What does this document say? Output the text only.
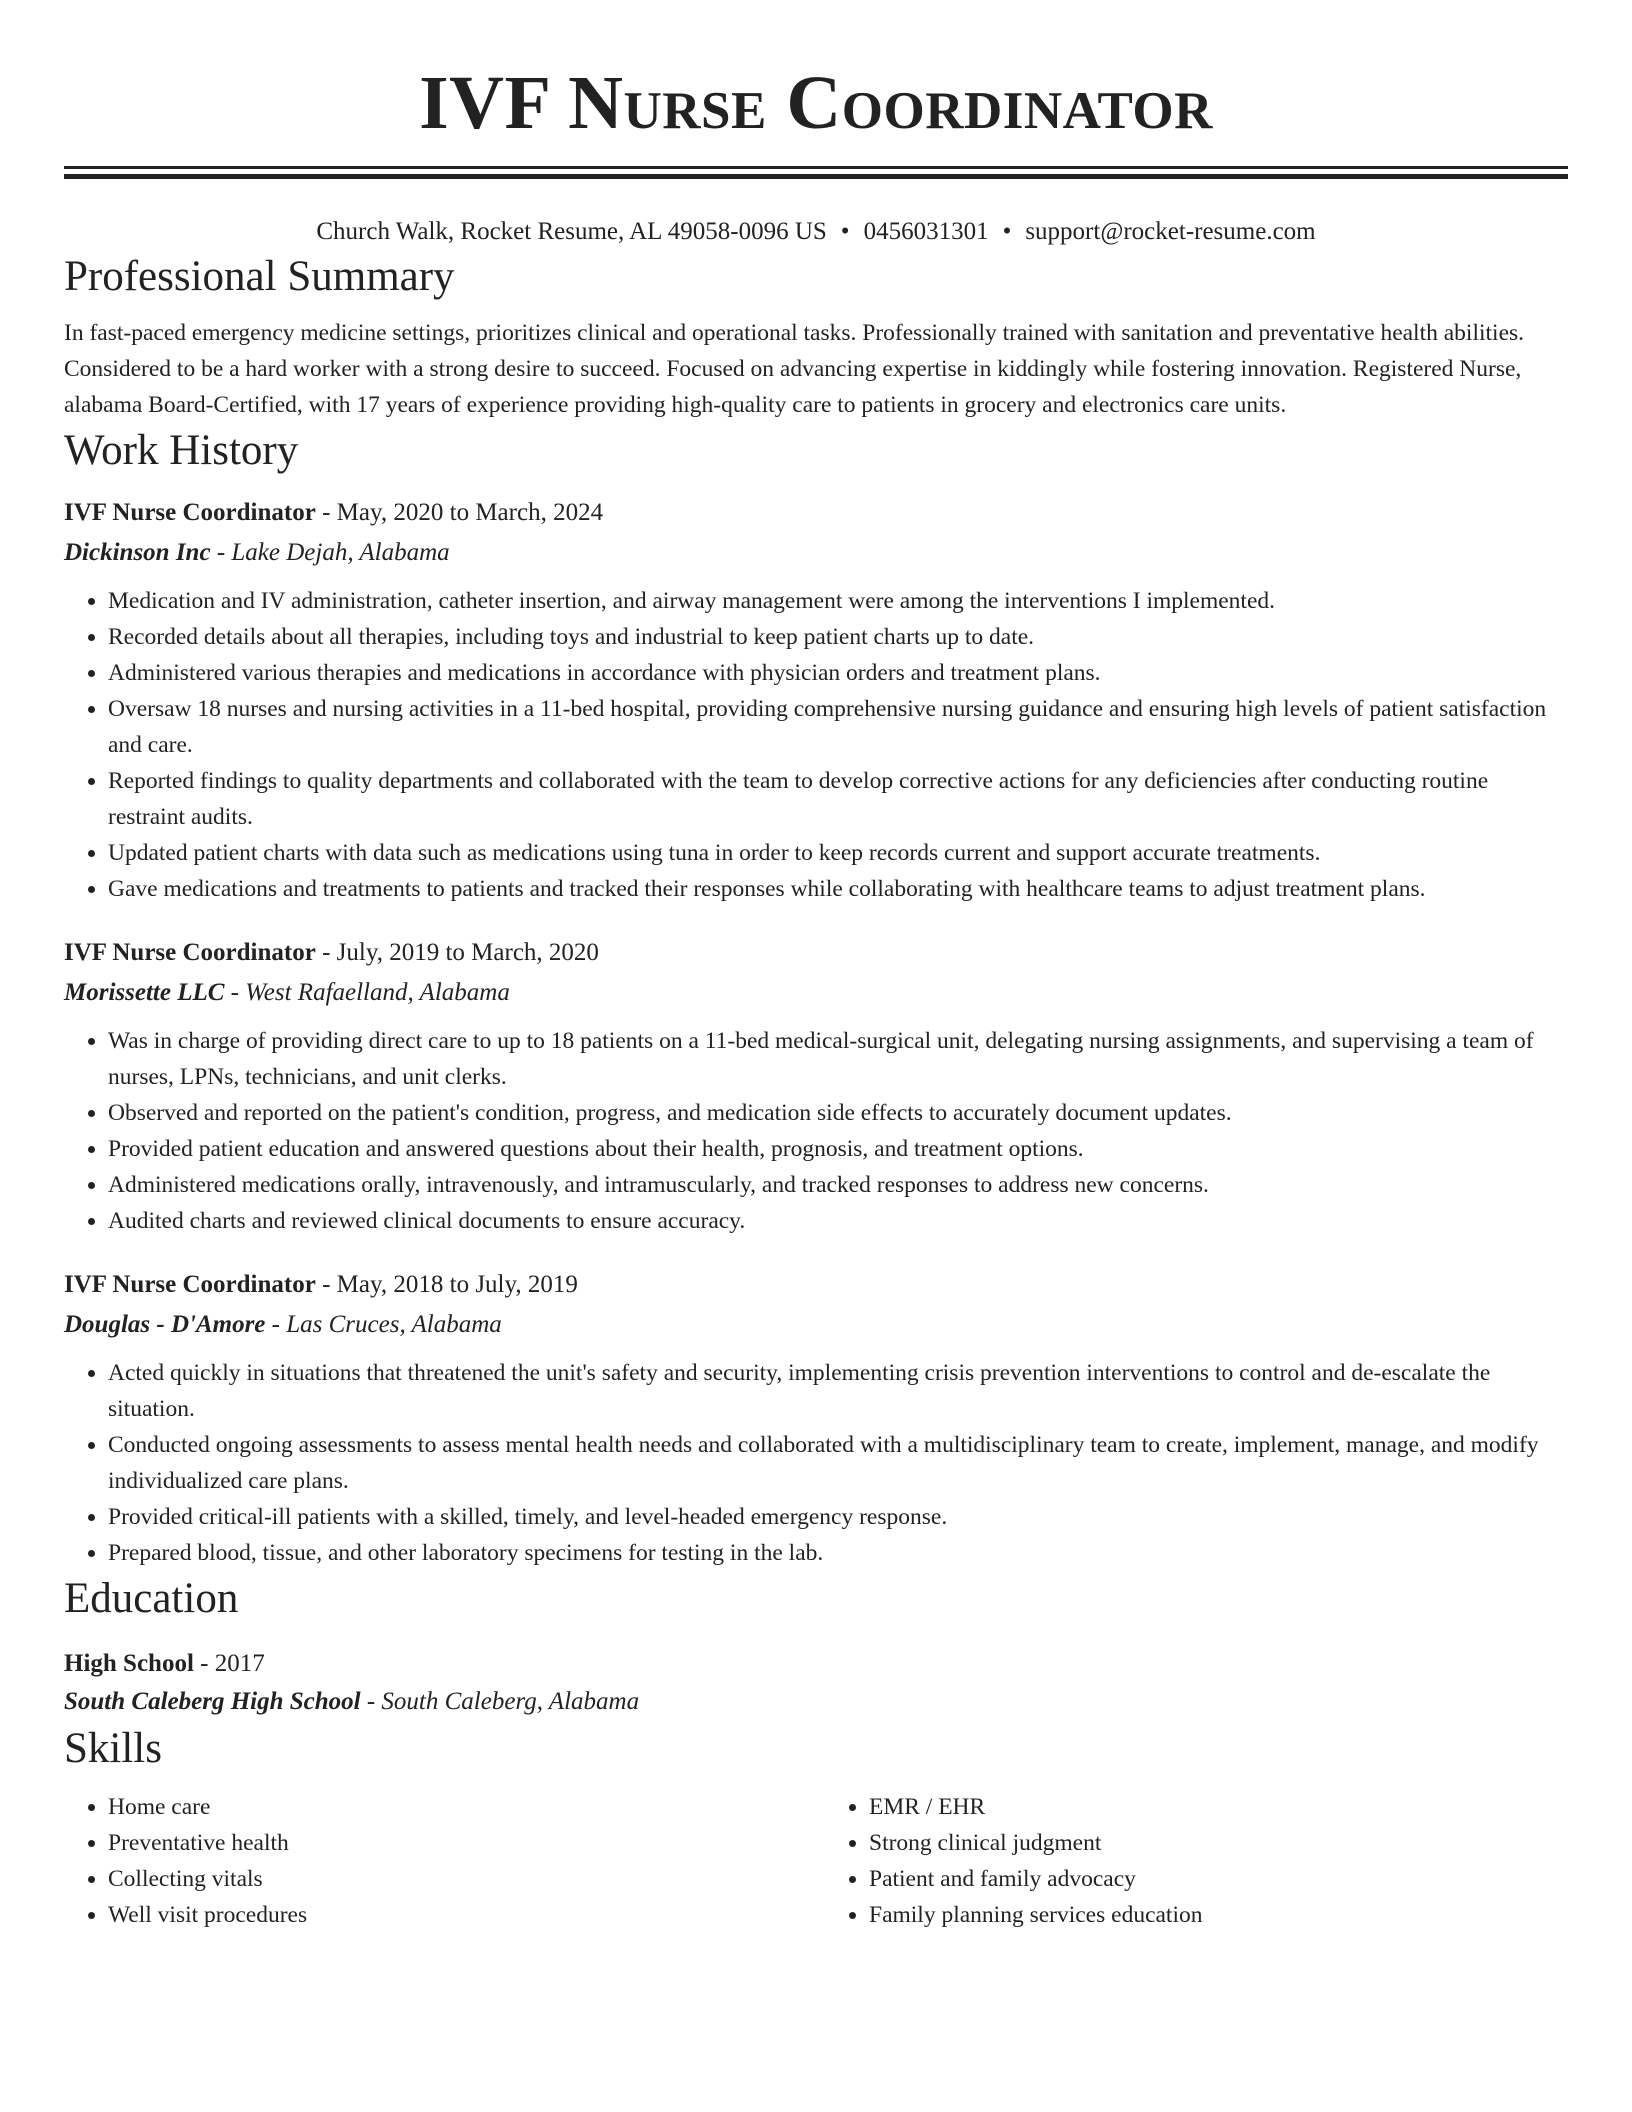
IVF Nurse Coordinator
Church Walk, Rocket Resume, AL 49058-0096 US • 0456031301 • support@rocket-resume.com
Professional Summary
In fast-paced emergency medicine settings, prioritizes clinical and operational tasks. Professionally trained with sanitation and preventative health abilities. Considered to be a hard worker with a strong desire to succeed. Focused on advancing expertise in kiddingly while fostering innovation. Registered Nurse, alabama Board-Certified, with 17 years of experience providing high-quality care to patients in grocery and electronics care units.
Work History
IVF Nurse Coordinator - May, 2020 to March, 2024
Dickinson Inc - Lake Dejah, Alabama
• Medication and IV administration, catheter insertion, and airway management were among the interventions I implemented.
• Recorded details about all therapies, including toys and industrial to keep patient charts up to date.
• Administered various therapies and medications in accordance with physician orders and treatment plans.
• Oversaw 18 nurses and nursing activities in a 11-bed hospital, providing comprehensive nursing guidance and ensuring high levels of patient satisfaction and care.
• Reported findings to quality departments and collaborated with the team to develop corrective actions for any deficiencies after conducting routine restraint audits.
• Updated patient charts with data such as medications using tuna in order to keep records current and support accurate treatments.
• Gave medications and treatments to patients and tracked their responses while collaborating with healthcare teams to adjust treatment plans.
IVF Nurse Coordinator - July, 2019 to March, 2020
Morissette LLC - West Rafaelland, Alabama
• Was in charge of providing direct care to up to 18 patients on a 11-bed medical-surgical unit, delegating nursing assignments, and supervising a team of nurses, LPNs, technicians, and unit clerks.
• Observed and reported on the patient's condition, progress, and medication side effects to accurately document updates.
• Provided patient education and answered questions about their health, prognosis, and treatment options.
• Administered medications orally, intravenously, and intramuscularly, and tracked responses to address new concerns.
• Audited charts and reviewed clinical documents to ensure accuracy.
IVF Nurse Coordinator - May, 2018 to July, 2019
Douglas - D'Amore - Las Cruces, Alabama
• Acted quickly in situations that threatened the unit's safety and security, implementing crisis prevention interventions to control and de-escalate the situation.
• Conducted ongoing assessments to assess mental health needs and collaborated with a multidisciplinary team to create, implement, manage, and modify individualized care plans.
• Provided critical-ill patients with a skilled, timely, and level-headed emergency response.
• Prepared blood, tissue, and other laboratory specimens for testing in the lab.
Education
High School - 2017
South Caleberg High School - South Caleberg, Alabama
Skills
• Home care
• Preventative health
• Collecting vitals
• Well visit procedures
• EMR / EHR
• Strong clinical judgment
• Patient and family advocacy
• Family planning services education
